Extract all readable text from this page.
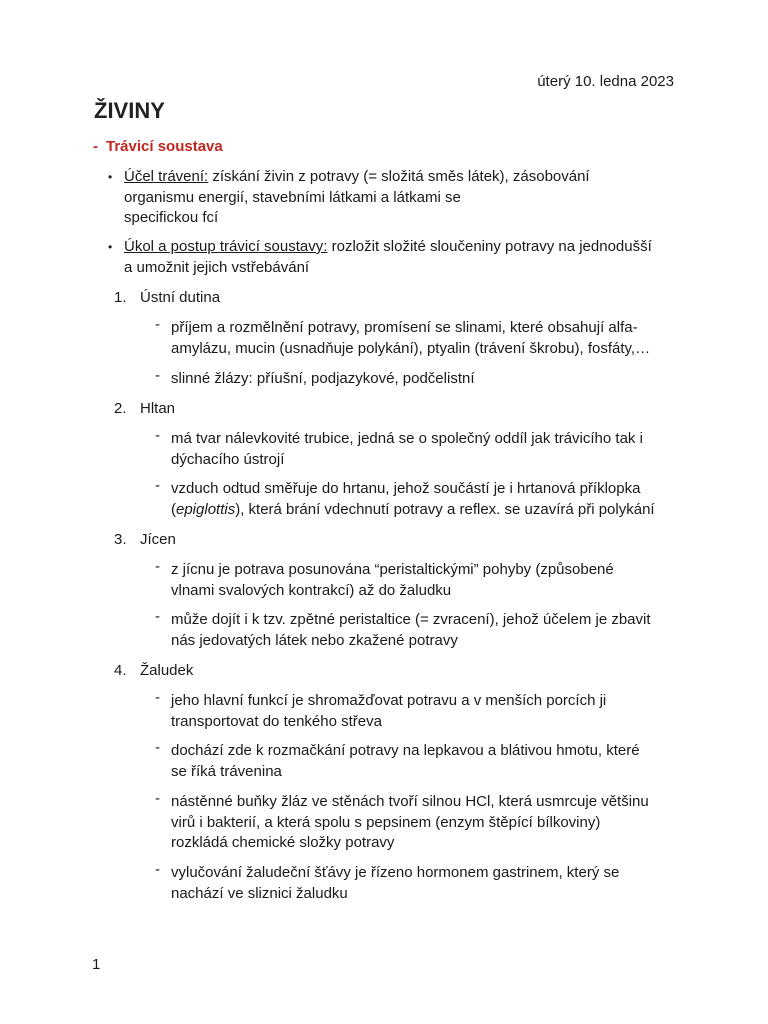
úterý 10. ledna 2023
ŽIVINY
- Trávicí soustava
• Účel trávení: získání živin z potravy (= složitá směs látek), zásobování
organismu energií, stavebními látkami a látkami se
specifickou fcí
• Úkol a postup trávicí soustavy: rozložit složité sloučeniny potravy na jednodušší
a umožnit jejich vstřebávání
1. Ústní dutina
- příjem a rozmělnění potravy, promísení se slinami, které obsahují alfa-
amylázu, mucin (usnadňuje polykání), ptyalin (trávení škrobu), fosfáty,…
- slinné žlázy: příušní, podjazykové, podčelistní
2. Hltan
- má tvar nálevkovité trubice, jedná se o společný oddíl jak trávicího tak i
dýchacího ústrojí
- vzduch odtud směřuje do hrtanu, jehož součástí je i hrtanová příklopka
(epiglottis), která brání vdechnutí potravy a reflex. se uzavírá při polykání
3. Jícen
- z jícnu je potrava posunována “peristaltickými” pohyby (způsobené
vlnami svalových kontrakcí) až do žaludku
- může dojít i k tzv. zpětné peristaltice (= zvracení), jehož účelem je zbavit
nás jedovatých látek nebo zkažené potravy
4. Žaludek
- jeho hlavní funkcí je shromažďovat potravu a v menších porcích ji
transportovat do tenkého střeva
- dochází zde k rozmačkání potravy na lepkavou a blátivou hmotu, které
se říká trávenina
- nástěnné buňky žláz ve stěnách tvoří silnou HCl, která usmrcuje většinu
virů i bakterií, a která spolu s pepsinem (enzym štěpící bílkoviny)
rozkládá chemické složky potravy
- vylučování žaludeční šťávy je řízeno hormonem gastrinem, který se
nachází ve sliznici žaludku
1
